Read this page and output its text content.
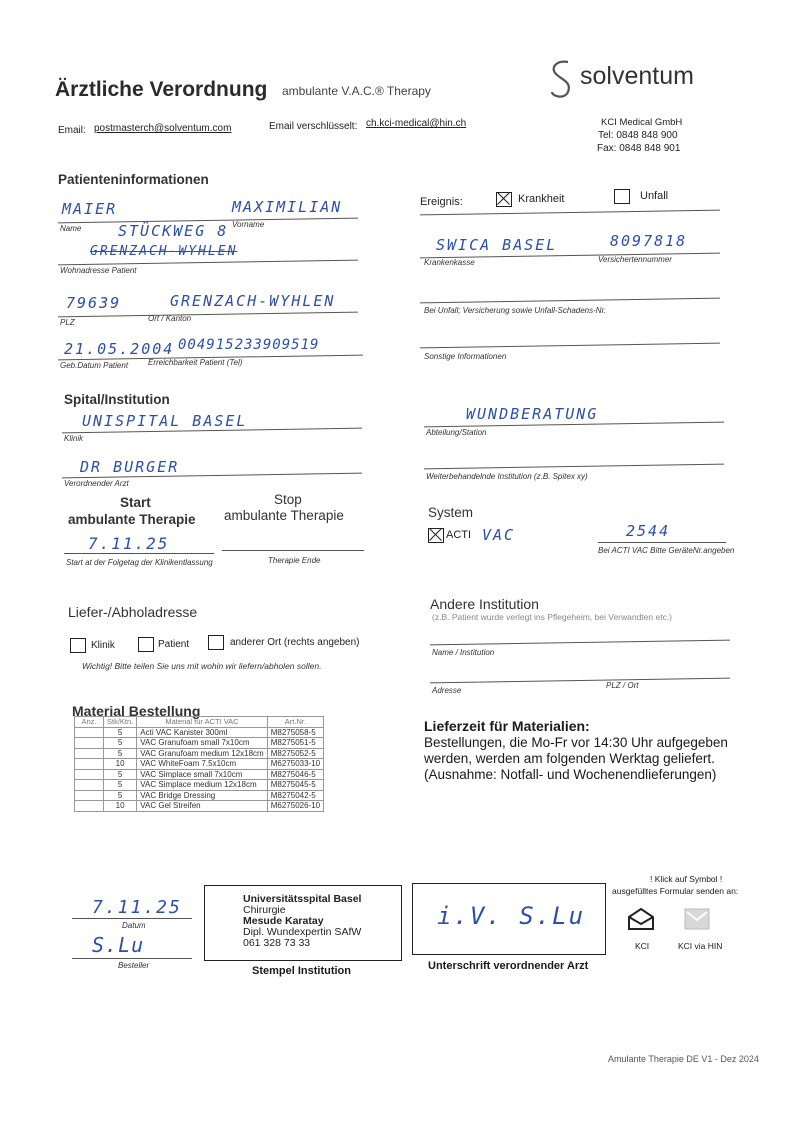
Ärztliche Verordnung ambulante V.A.C.® Therapy
solventum
Email: postmasterch@solventum.com	Email verschlüsselt: ch.kci-medical@hin.ch	KCI Medical GmbH
Tel: 0848 848 900
Fax: 0848 848 901
Patienteninformationen
MAIER	MAXIMILIAN
Name	Vorname
STÜCKWEG 8
GRENZACH-WYHLEN
Wohnadresse Patient
79639	GRENZACH-WYHLEN
PLZ	Ort / Kanton
21.05.2004 004915233909519
Geb.Datum Patient Erreichbarkeit Patient (Tel)
Ereignis:	Krankheit	Unfall
SWICA BASEL	8097818
Krankenkasse	Versichertennummer
Bei Unfall; Versicherung sowie Unfall-Schadens-Nr.
Sonstige Informationen
Spital/Institution
UNISPITAL BASEL
Klinik
DR BURGER
Verordnender Arzt
WUNDBERATUNG
Abteilung/Station
Weiterbehandelnde Institution (z.B. Spitex xy)
Start
ambulante Therapie
Stop
ambulante Therapie
7.11.25
Start at der Folgetag der Klinikentlassung	Therapie Ende
System
ACTI VAC	2544
Bei ACTI VAC Bitte GeräteNr.angeben
Liefer-/Abholadresse
Klinik	Patient	anderer Ort (rechts angeben)
Wichtig! Bitte teilen Sie uns mit wohin wir liefern/abholen sollen.
Andere Institution
(z.B. Patient wurde verlegt ins Pflegeheim, bei Verwandten etc.)
Name / Institution
Adresse
PLZ / Ort
Material Bestellung
Anz.	Stk/Ktn.	Material für ACTI VAC	Art.Nr.
	5	Acti VAC Kanister 300ml	M8275058-5
	5	VAC Granufoam small 7x10cm	M8275051-5
	5	VAC Granufoam medium 12x18cm	M8275052-5
	10	VAC WhiteFoam 7.5x10cm	M6275033-10
	5	VAC Simplace small 7x10cm	M8275046-5
	5	VAC Simplace medium 12x18cm	M8275045-5
	5	VAC Bridge Dressing	M8275042-5
	10	VAC Gel Streifen	M6275026-10
Lieferzeit für Materialien:
Bestellungen, die Mo-Fr vor 14:30 Uhr aufgegeben werden, werden am folgenden Werktag geliefert. (Ausnahme: Notfall- und Wochenendlieferungen)
7.11.25
Datum
S.Lu
Besteller
Universitätsspital Basel
Chirurgie
Mesude Karatay
Dipl. Wundexpertin SAfW
061 328 73 33
Stempel Institution
i.V. S.Lu
Unterschrift verordnender Arzt
! Klick auf Symbol !
ausgefülltes Formular senden an:
KCI	KCI via HIN
Amulante Therapie DE V1 - Dez 2024
